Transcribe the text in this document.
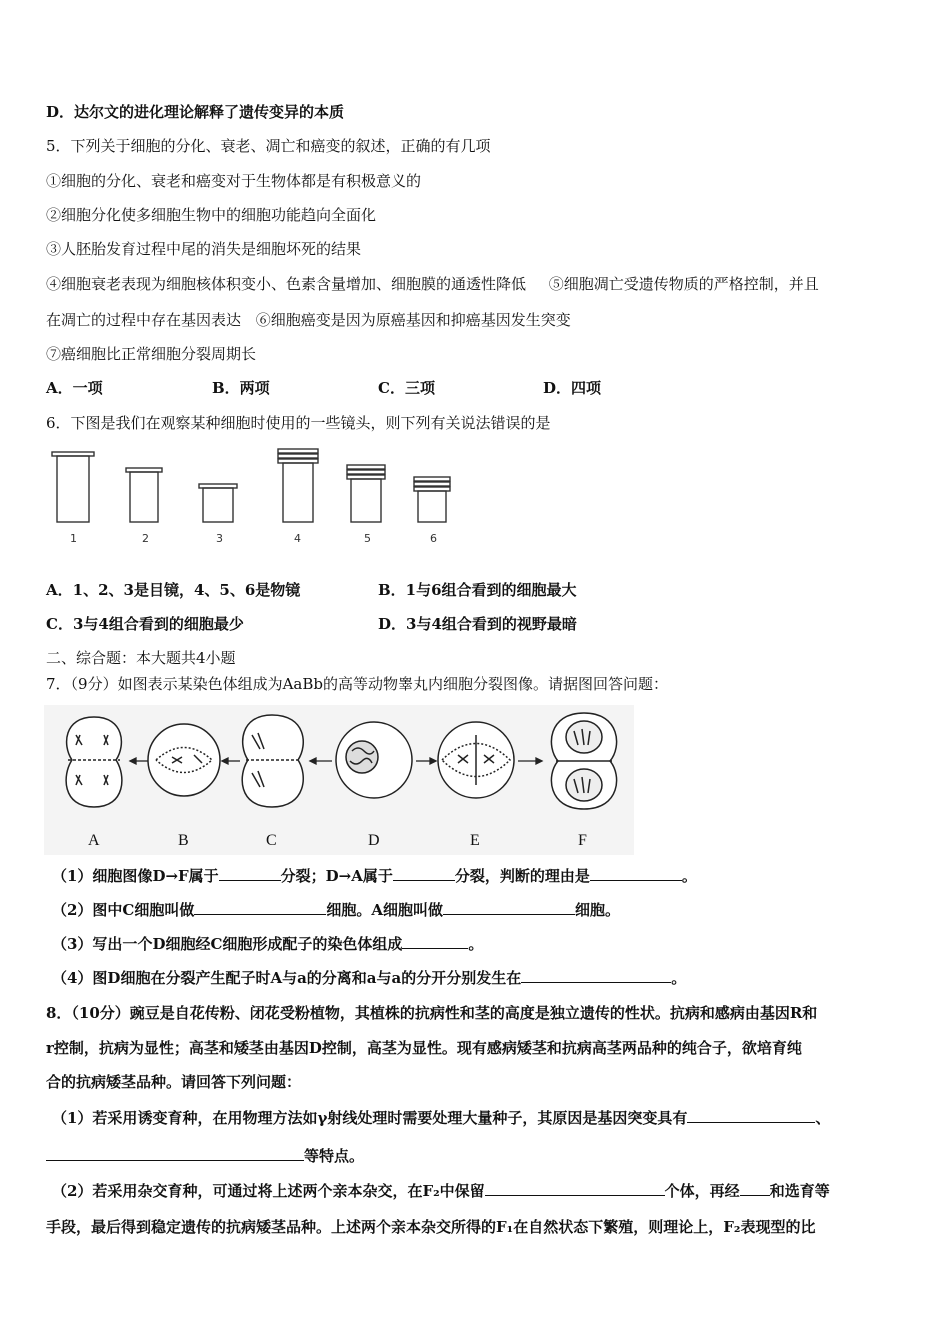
D．达尔文的进化理论解释了遗传变异的本质
5．下列关于细胞的分化、衰老、凋亡和癌变的叙述，正确的有几项
①细胞的分化、衰老和癌变对于生物体都是有积极意义的
②细胞分化使多细胞生物中的细胞功能趋向全面化
③人胚胎发育过程中尾的消失是细胞坏死的结果
④细胞衰老表现为细胞核体积变小、色素含量增加、细胞膜的通透性降低 ⑤细胞凋亡受遗传物质的严格控制，并且
在凋亡的过程中存在基因表达 ⑥细胞癌变是因为原癌基因和抑癌基因发生突变
⑦癌细胞比正常细胞分裂周期长
A．一项	B．两项	C．三项	D．四项
6．下图是我们在观察某种细胞时使用的一些镜头，则下列有关说法错误的是
1	2	3	4	5	6
A．1、2、3是目镜，4、5、6是物镜	B．1与6组合看到的细胞最大
C．3与4组合看到的细胞最少	D．3与4组合看到的视野最暗
二、综合题：本大题共4小题
7．（9分）如图表示某染色体组成为AaBb的高等动物睾丸内细胞分裂图像。请据图回答问题：
A	B	C	D	E	F
（1）细胞图像D→F属于	分裂；D→A属于	分裂，判断的理由是	。
（2）图中C细胞叫做	细胞。A细胞叫做	细胞。
（3）写出一个D细胞经C细胞形成配子的染色体组成	。
（4）图D细胞在分裂产生配子时A与a的分离和a与a的分开分别发生在	。
8．（10分）豌豆是自花传粉、闭花受粉植物，其植株的抗病性和茎的高度是独立遗传的性状。抗病和感病由基因R和
r控制，抗病为显性；高茎和矮茎由基因D控制，高茎为显性。现有感病矮茎和抗病高茎两品种的纯合子，欲培育纯
合的抗病矮茎品种。请回答下列问题：
（1）若采用诱变育种，在用物理方法如γ射线处理时需要处理大量种子，其原因是基因突变具有	、
等特点。
（2）若采用杂交育种，可通过将上述两个亲本杂交，在F₂中保留	个体，再经 和选育等
手段，最后得到稳定遗传的抗病矮茎品种。上述两个亲本杂交所得的F₁在自然状态下繁殖，则理论上，F₂表现型的比
